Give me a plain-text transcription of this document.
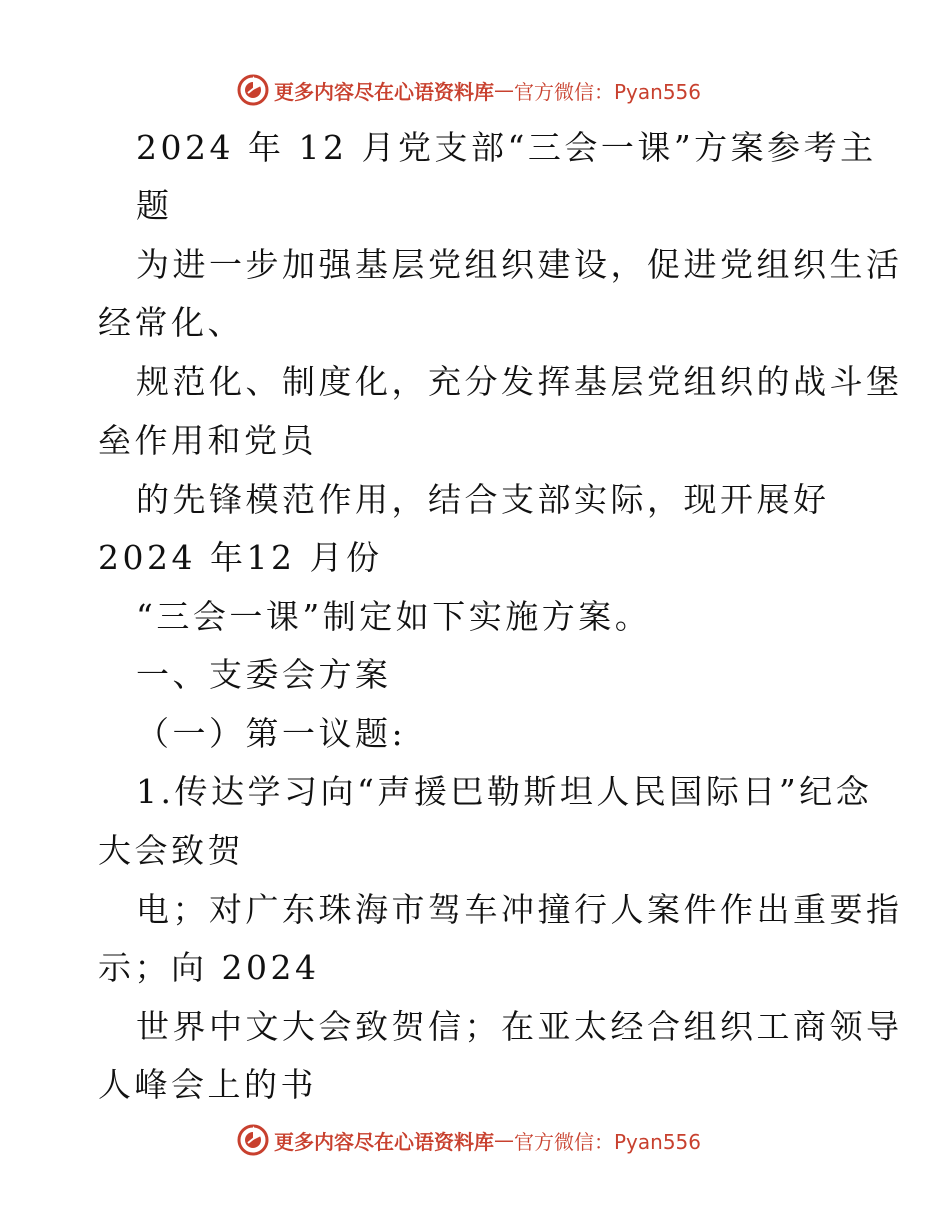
更多内容尽在心语资料库 — 官方微信：Pyan556
2024 年 12 月党支部“三会一课”方案参考主
题
为进一步加强基层党组织建设，促进党组织生活
经常化、
规范化、制度化，充分发挥基层党组织的战斗堡
垒作用和党员
的先锋模范作用，结合支部实际，现开展好
2024 年12 月份
“三会一课”制定如下实施方案。
一、支委会方案
（一）第一议题:
1.传达学习向“声援巴勒斯坦人民国际日”纪念
大会致贺
电；对广东珠海市驾车冲撞行人案件作出重要指
示；向 2024
世界中文大会致贺信；在亚太经合组织工商领导
人峰会上的书
更多内容尽在心语资料库 — 官方微信：Pyan556
